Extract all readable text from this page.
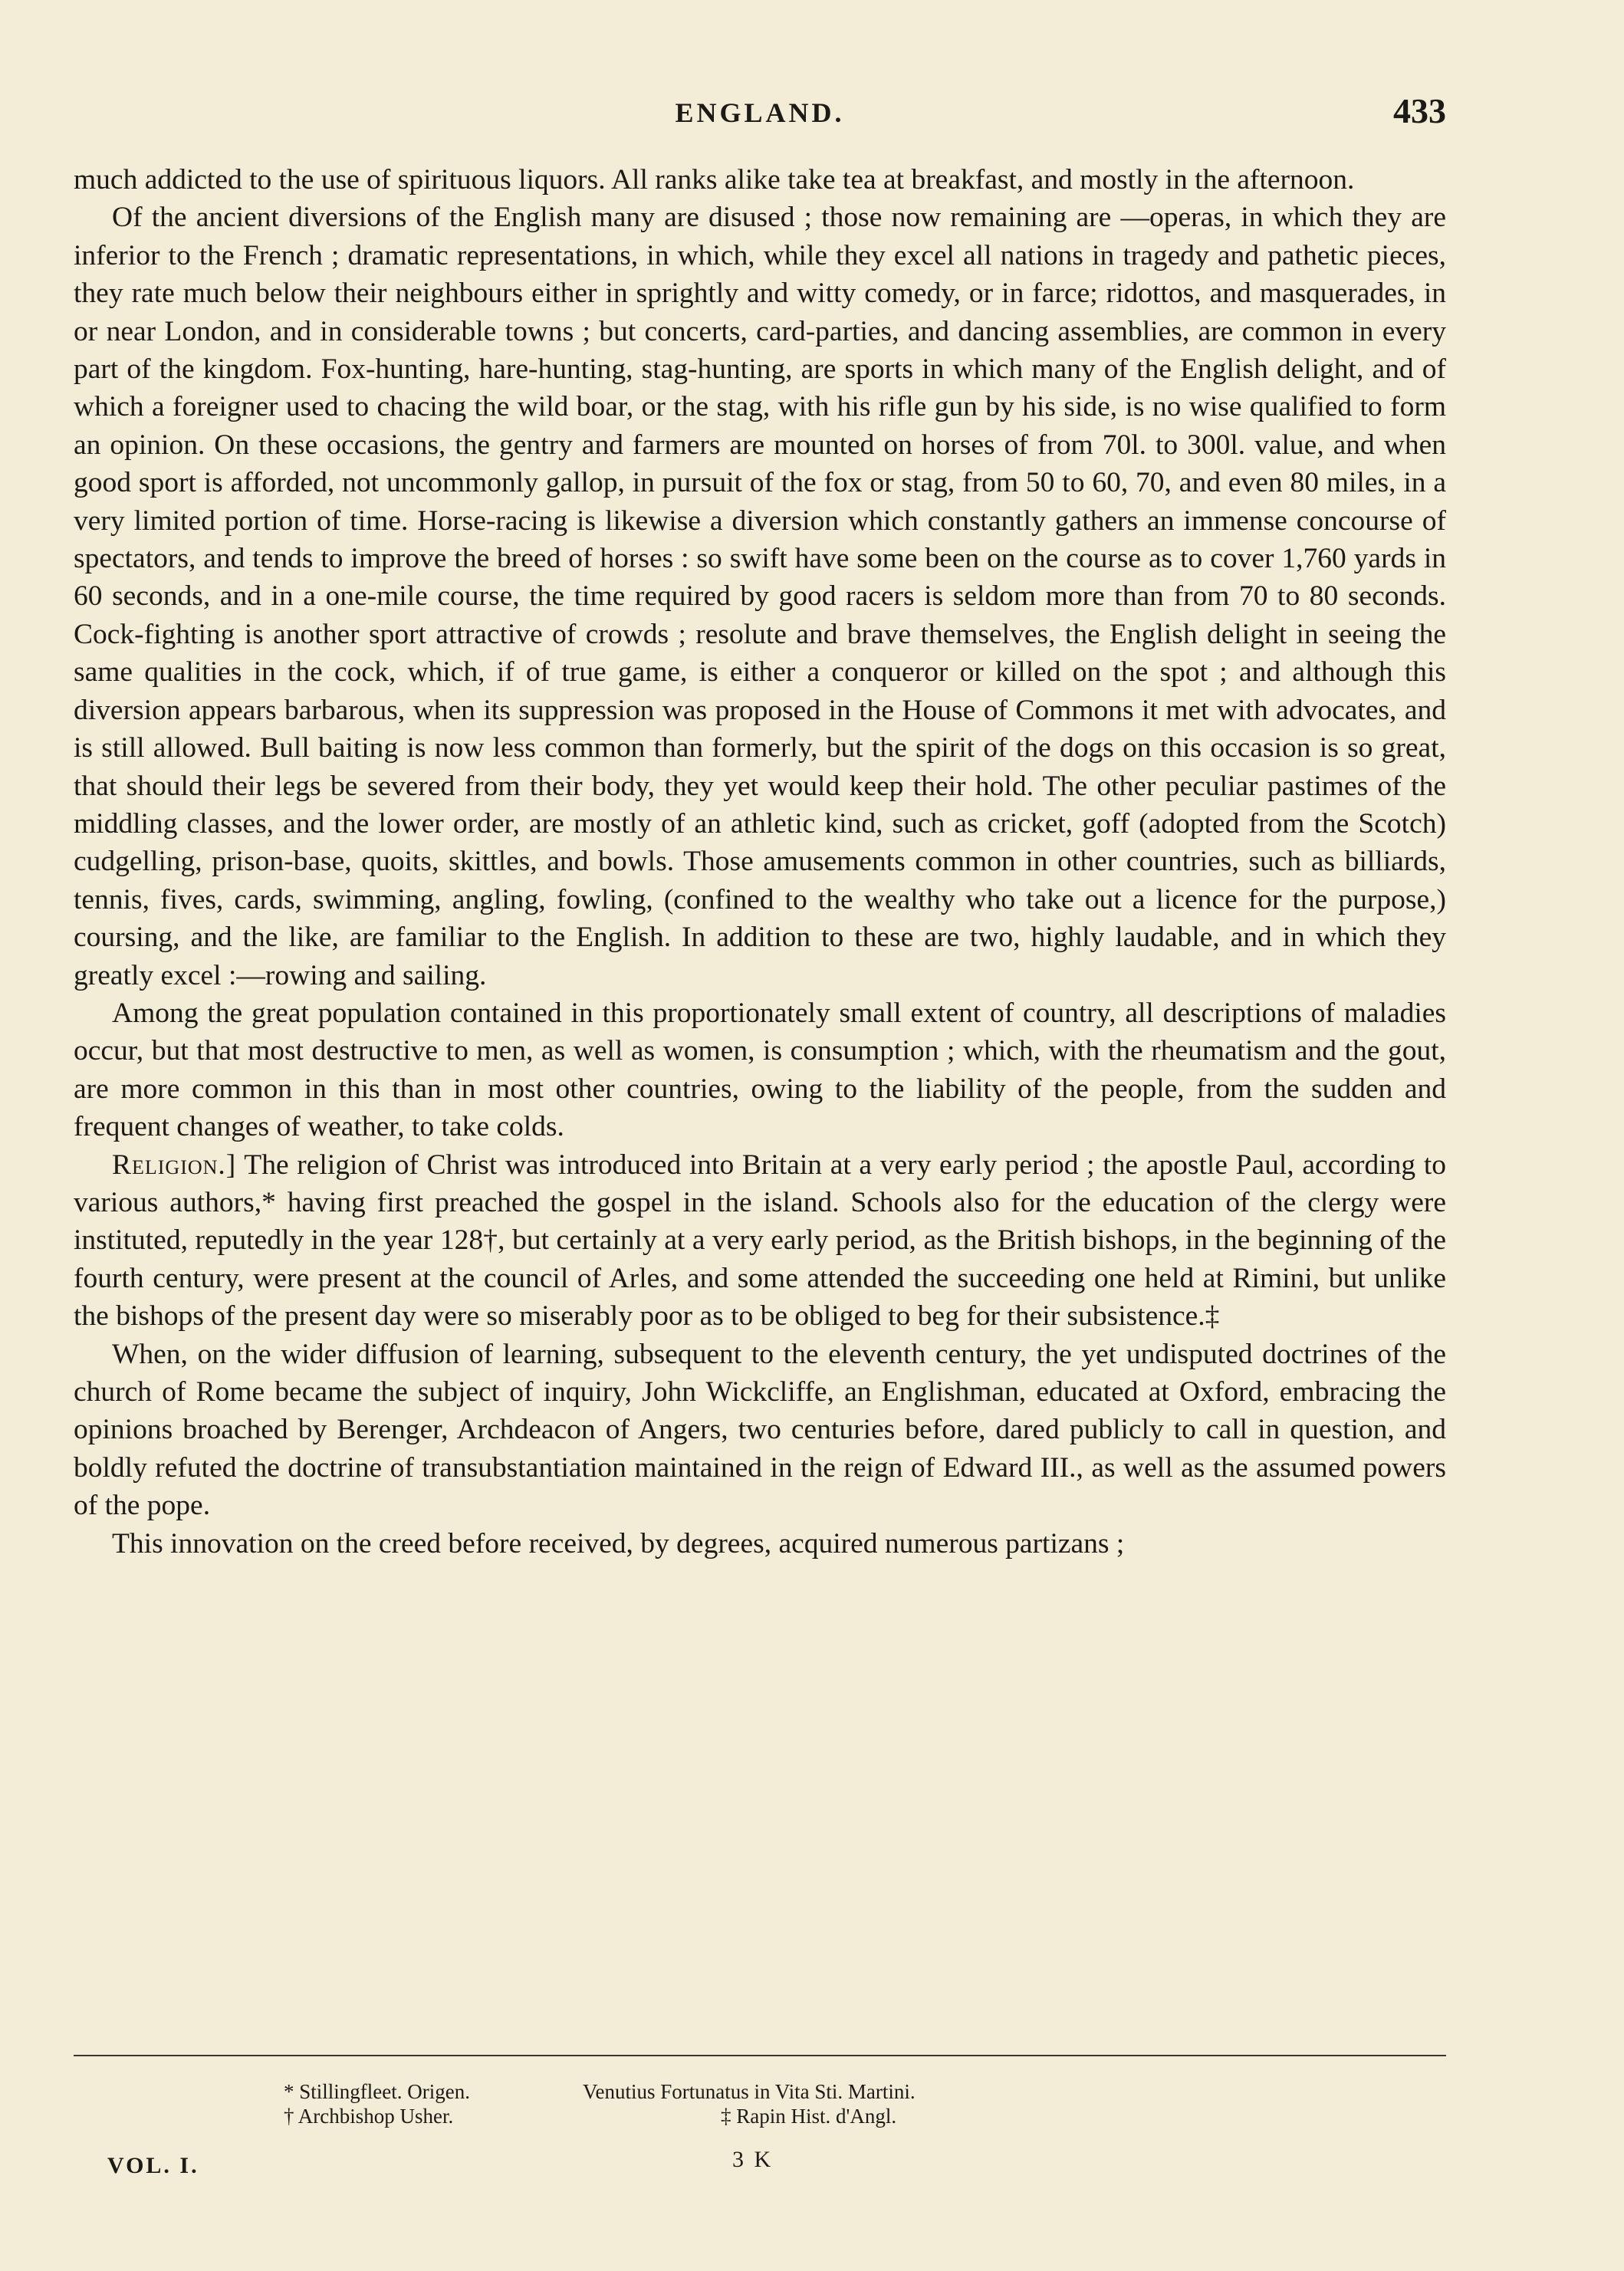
ENGLAND.	433

much addicted to the use of spirituous liquors. All ranks alike take tea at breakfast, and mostly in the afternoon.

Of the ancient diversions of the English many are disused ; those now remaining are —operas, in which they are inferior to the French ; dramatic representations, in which, while they excel all nations in tragedy and pathetic pieces, they rate much below their neighbours either in sprightly and witty comedy, or in farce; ridottos, and masquerades, in or near London, and in considerable towns ; but concerts, card-parties, and dancing assemblies, are common in every part of the kingdom. Fox-hunting, hare-hunting, stag-hunting, are sports in which many of the English delight, and of which a foreigner used to chacing the wild boar, or the stag, with his rifle gun by his side, is no wise qualified to form an opinion. On these occasions, the gentry and farmers are mounted on horses of from 70l. to 300l. value, and when good sport is afforded, not uncommonly gallop, in pursuit of the fox or stag, from 50 to 60, 70, and even 80 miles, in a very limited portion of time. Horse-racing is likewise a diversion which constantly gathers an immense concourse of spectators, and tends to improve the breed of horses : so swift have some been on the course as to cover 1,760 yards in 60 seconds, and in a one-mile course, the time required by good racers is seldom more than from 70 to 80 seconds. Cock-fighting is another sport attractive of crowds ; resolute and brave themselves, the English delight in seeing the same qualities in the cock, which, if of true game, is either a conqueror or killed on the spot ; and although this diversion appears barbarous, when its suppression was proposed in the House of Commons it met with advocates, and is still allowed. Bull baiting is now less common than formerly, but the spirit of the dogs on this occasion is so great, that should their legs be severed from their body, they yet would keep their hold. The other peculiar pastimes of the middling classes, and the lower order, are mostly of an athletic kind, such as cricket, goff (adopted from the Scotch) cudgelling, prison-base, quoits, skittles, and bowls. Those amusements common in other countries, such as billiards, tennis, fives, cards, swimming, angling, fowling, (confined to the wealthy who take out a licence for the purpose,) coursing, and the like, are familiar to the English. In addition to these are two, highly laudable, and in which they greatly excel :—rowing and sailing.

Among the great population contained in this proportionately small extent of country, all descriptions of maladies occur, but that most destructive to men, as well as women, is consumption ; which, with the rheumatism and the gout, are more common in this than in most other countries, owing to the liability of the people, from the sudden and frequent changes of weather, to take colds.

Religion.] The religion of Christ was introduced into Britain at a very early period ; the apostle Paul, according to various authors,* having first preached the gospel in the island. Schools also for the education of the clergy were instituted, reputedly in the year 128†, but certainly at a very early period, as the British bishops, in the beginning of the fourth century, were present at the council of Arles, and some attended the succeeding one held at Rimini, but unlike the bishops of the present day were so miserably poor as to be obliged to beg for their subsistence.‡

When, on the wider diffusion of learning, subsequent to the eleventh century, the yet undisputed doctrines of the church of Rome became the subject of inquiry, John Wickcliffe, an Englishman, educated at Oxford, embracing the opinions broached by Berenger, Archdeacon of Angers, two centuries before, dared publicly to call in question, and boldly refuted the doctrine of transubstantiation maintained in the reign of Edward III., as well as the assumed powers of the pope.

This innovation on the creed before received, by degrees, acquired numerous partizans ;

* Stillingfleet. Origen.	Venutius Fortunatus in Vita Sti. Martini.
† Archbishop Usher.	‡ Rapin Hist. d'Angl.
VOL. I.	3 K
